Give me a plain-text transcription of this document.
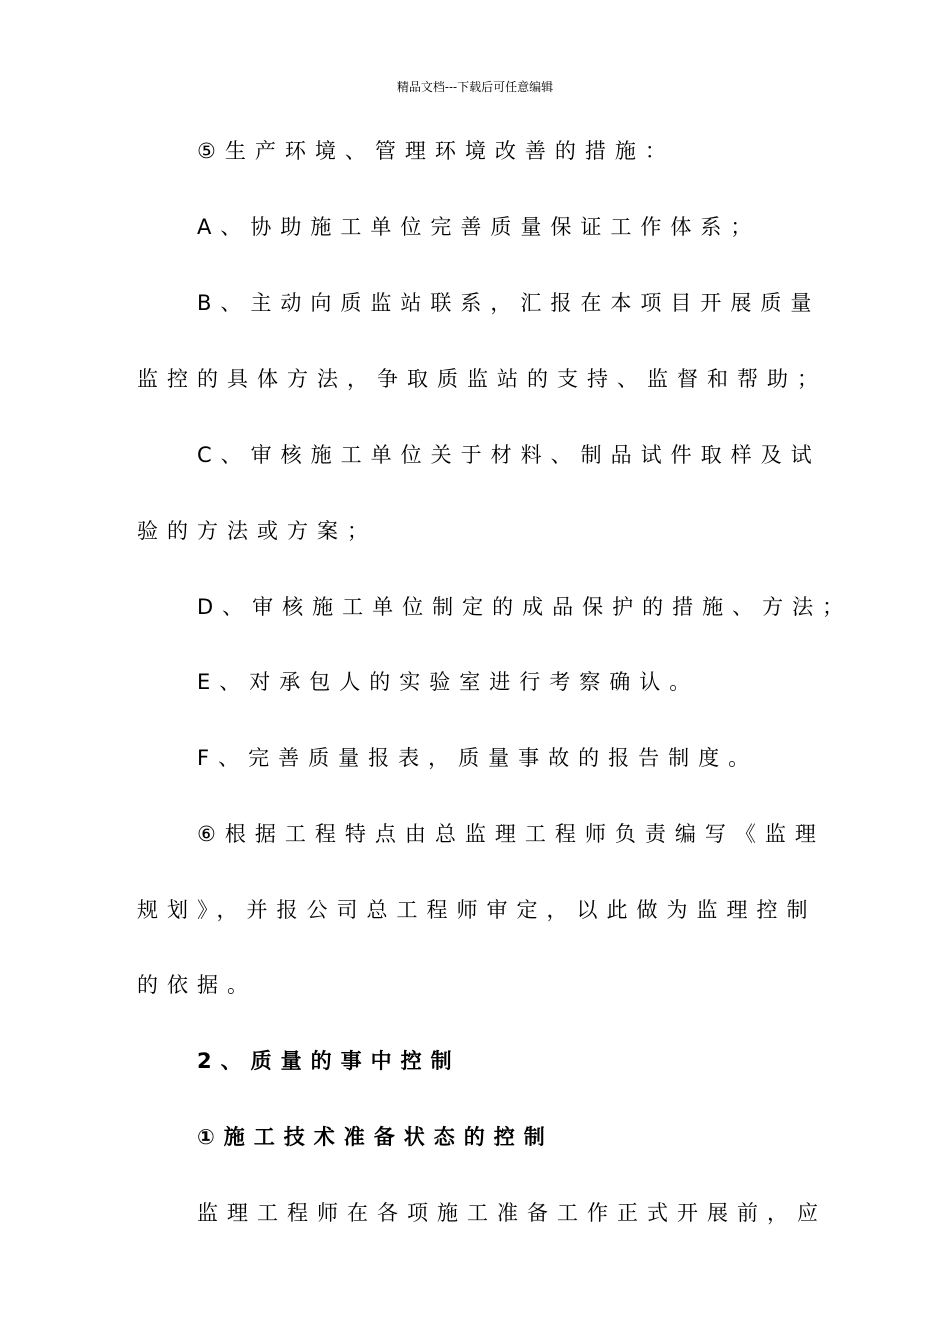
精品文档---下载后可任意编辑
⑤生产环境、管理环境改善的措施：
A、协助施工单位完善质量保证工作体系；
B、主动向质监站联系，汇报在本项目开展质量
监控的具体方法，争取质监站的支持、监督和帮助；
C、审核施工单位关于材料、制品试件取样及试
验的方法或方案；
D、审核施工单位制定的成品保护的措施、方法；
E、对承包人的实验室进行考察确认。
F、完善质量报表，质量事故的报告制度。
⑥根据工程特点由总监理工程师负责编写《监理
规划》，并报公司总工程师审定，以此做为监理控制
的依据。
2、质量的事中控制
①施工技术准备状态的控制
监理工程师在各项施工准备工作正式开展前，应
